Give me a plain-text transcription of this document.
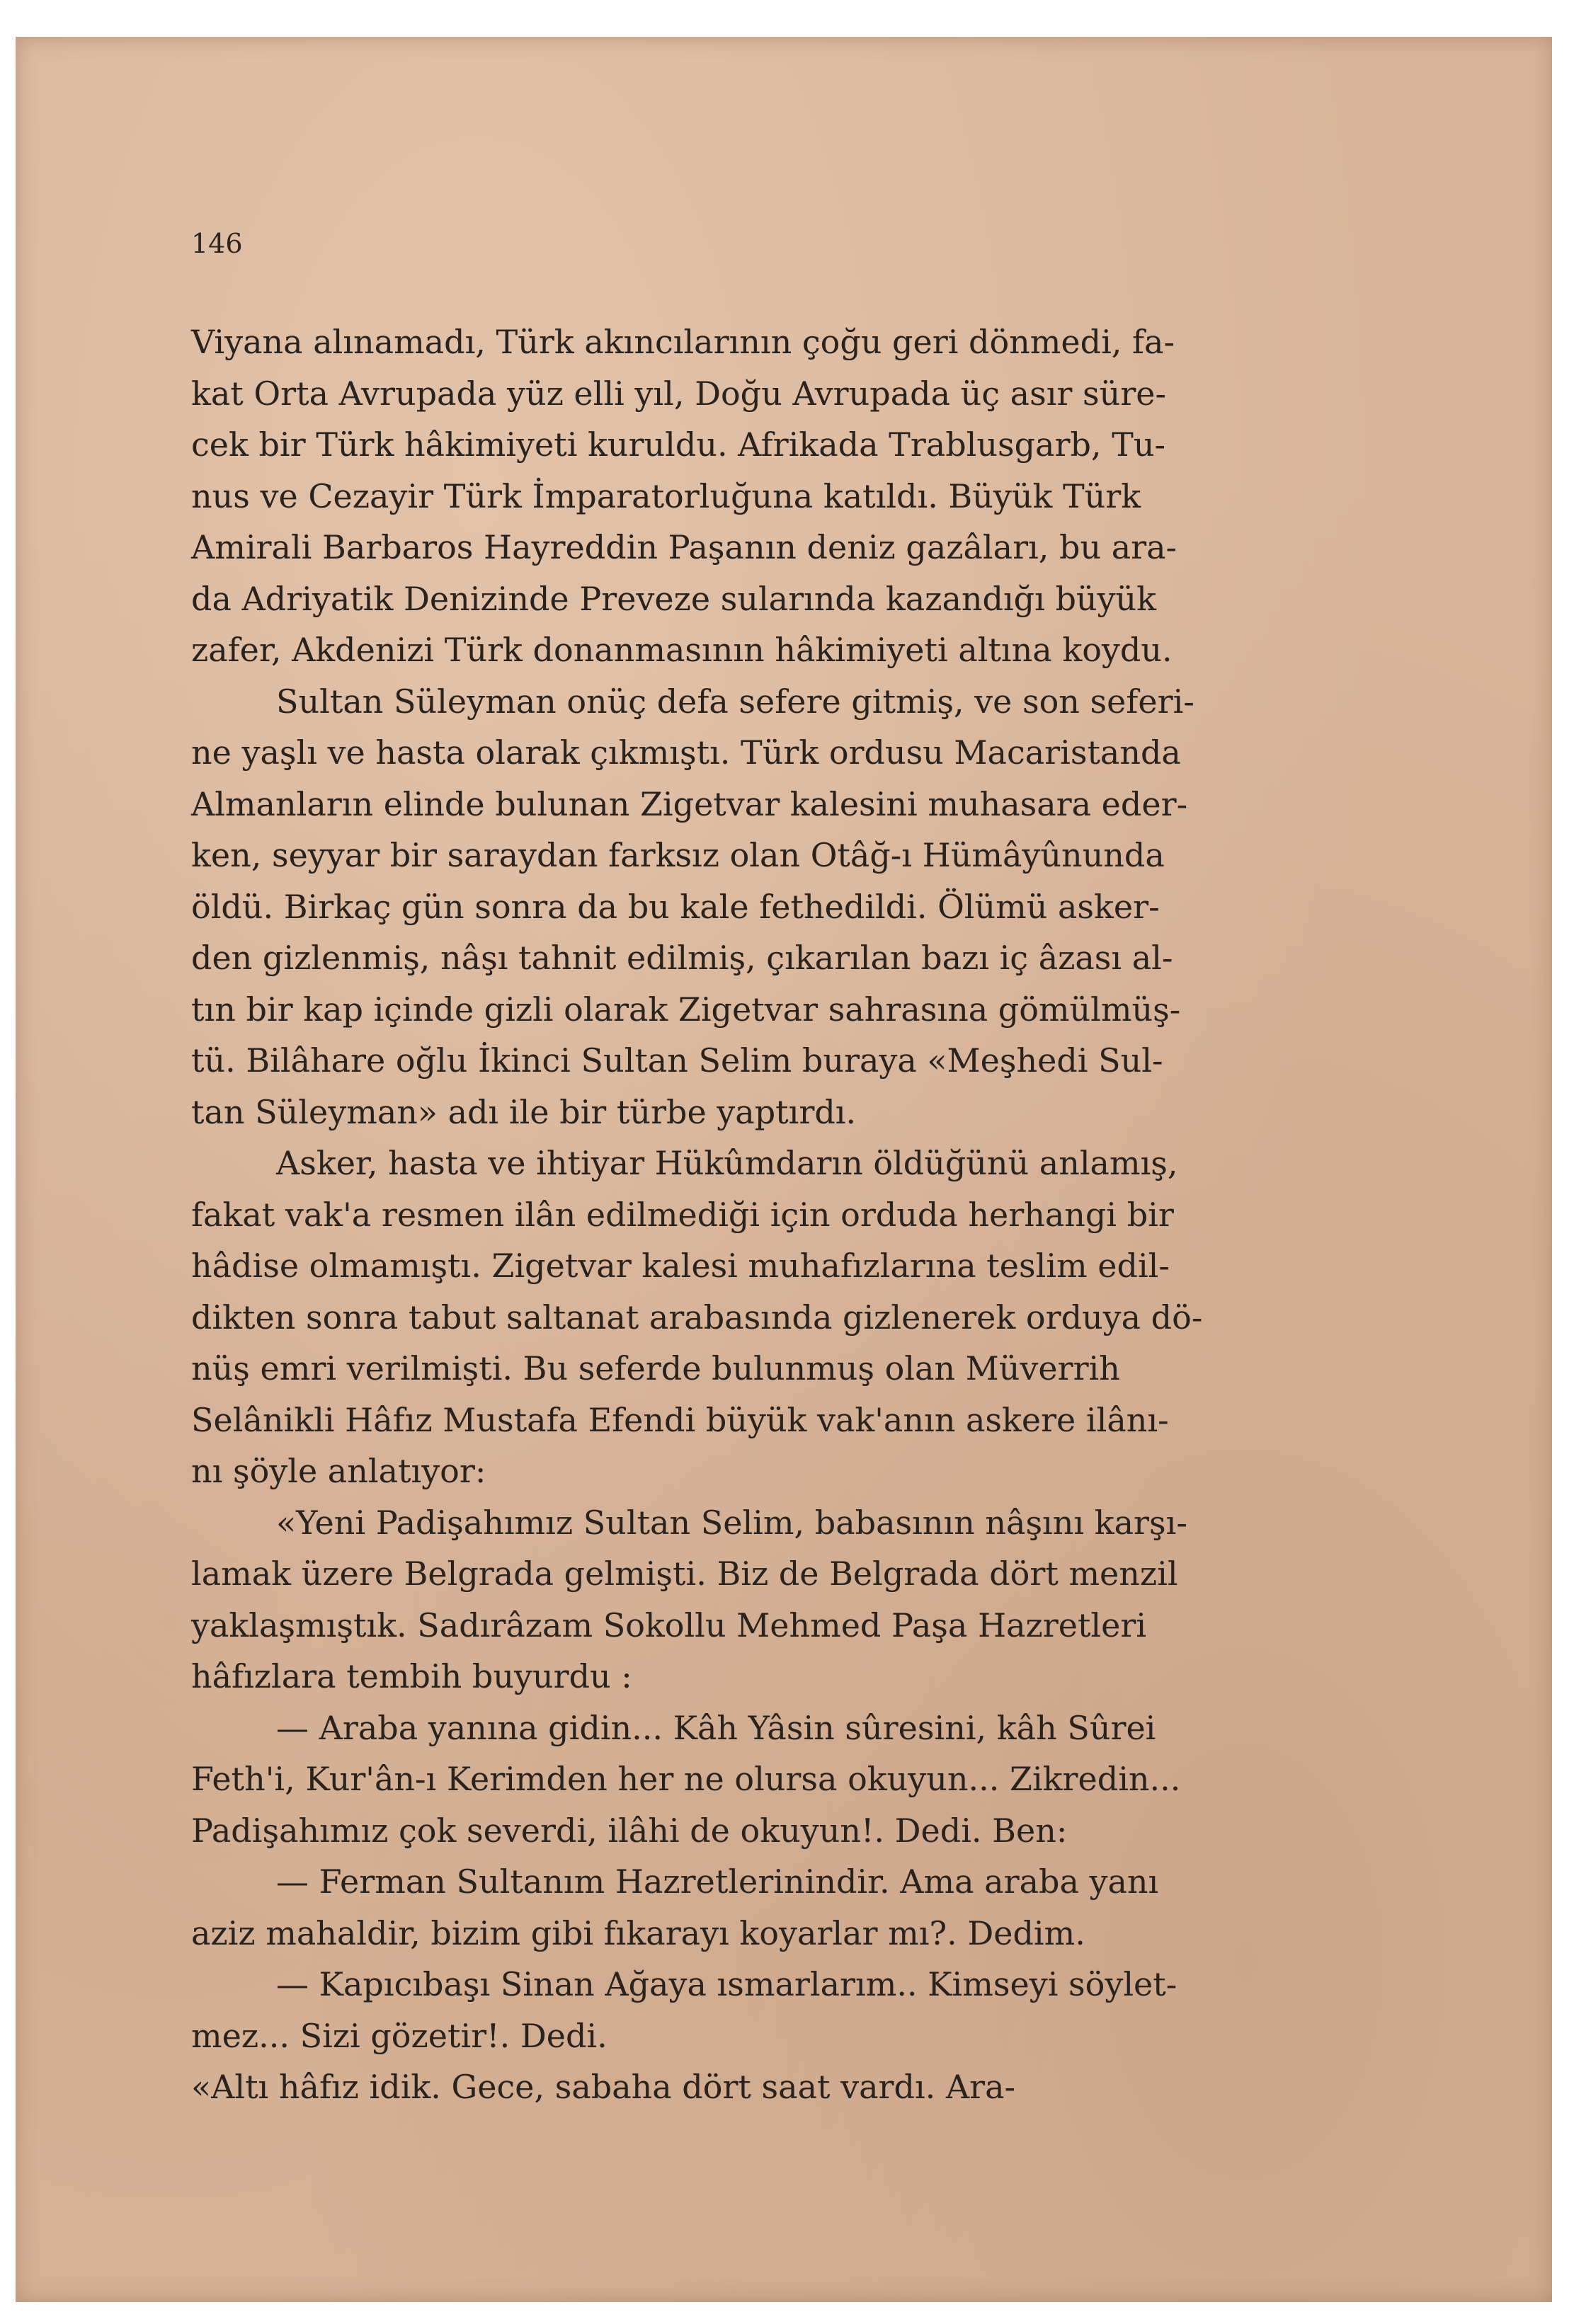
146

Viyana alınamadı, Türk akıncılarının çoğu geri dönmedi, fa-
kat Orta Avrupada yüz elli yıl, Doğu Avrupada üç asır süre-
cek bir Türk hâkimiyeti kuruldu. Afrikada Trablusgarb, Tu-
nus ve Cezayir Türk İmparatorluğuna katıldı. Büyük Türk
Amirali Barbaros Hayreddin Paşanın deniz gazâları, bu ara-
da Adriyatik Denizinde Preveze sularında kazandığı büyük
zafer, Akdenizi Türk donanmasının hâkimiyeti altına koydu.

Sultan Süleyman onüç defa sefere gitmiş, ve son seferi-
ne yaşlı ve hasta olarak çıkmıştı. Türk ordusu Macaristanda
Almanların elinde bulunan Zigetvar kalesini muhasara eder-
ken, seyyar bir saraydan farksız olan Otâğ-ı Hümâyûnunda
öldü. Birkaç gün sonra da bu kale fethedildi. Ölümü asker-
den gizlenmiş, nâşı tahnit edilmiş, çıkarılan bazı iç âzası al-
tın bir kap içinde gizli olarak Zigetvar sahrasına gömülmüş-
tü. Bilâhare oğlu İkinci Sultan Selim buraya «Meşhedi Sul-
tan Süleyman» adı ile bir türbe yaptırdı.

Asker, hasta ve ihtiyar Hükûmdarın öldüğünü anlamış,
fakat vak'a resmen ilân edilmediği için orduda herhangi bir
hâdise olmamıştı. Zigetvar kalesi muhafızlarına teslim edil-
dikten sonra tabut saltanat arabasında gizlenerek orduya dö-
nüş emri verilmişti. Bu seferde bulunmuş olan Müverrih
Selânikli Hâfız Mustafa Efendi büyük vak'anın askere ilânı-
nı şöyle anlatıyor:

«Yeni Padişahımız Sultan Selim, babasının nâşını karşı-
lamak üzere Belgrada gelmişti. Biz de Belgrada dört menzil
yaklaşmıştık. Sadırâzam Sokollu Mehmed Paşa Hazretleri
hâfızlara tembih buyurdu :

— Araba yanına gidin... Kâh Yâsin sûresini, kâh Sûrei
Feth'i, Kur'ân-ı Kerimden her ne olursa okuyun... Zikredin...
Padişahımız çok severdi, ilâhi de okuyun!. Dedi. Ben:

— Ferman Sultanım Hazretlerinindir. Ama araba yanı
aziz mahaldir, bizim gibi fıkarayı koyarlar mı?. Dedim.

— Kapıcıbaşı Sinan Ağaya ısmarlarım.. Kimseyi söylet-
mez... Sizi gözetir!. Dedi.

«Altı hâfız idik. Gece, sabaha dört saat vardı. Ara-
